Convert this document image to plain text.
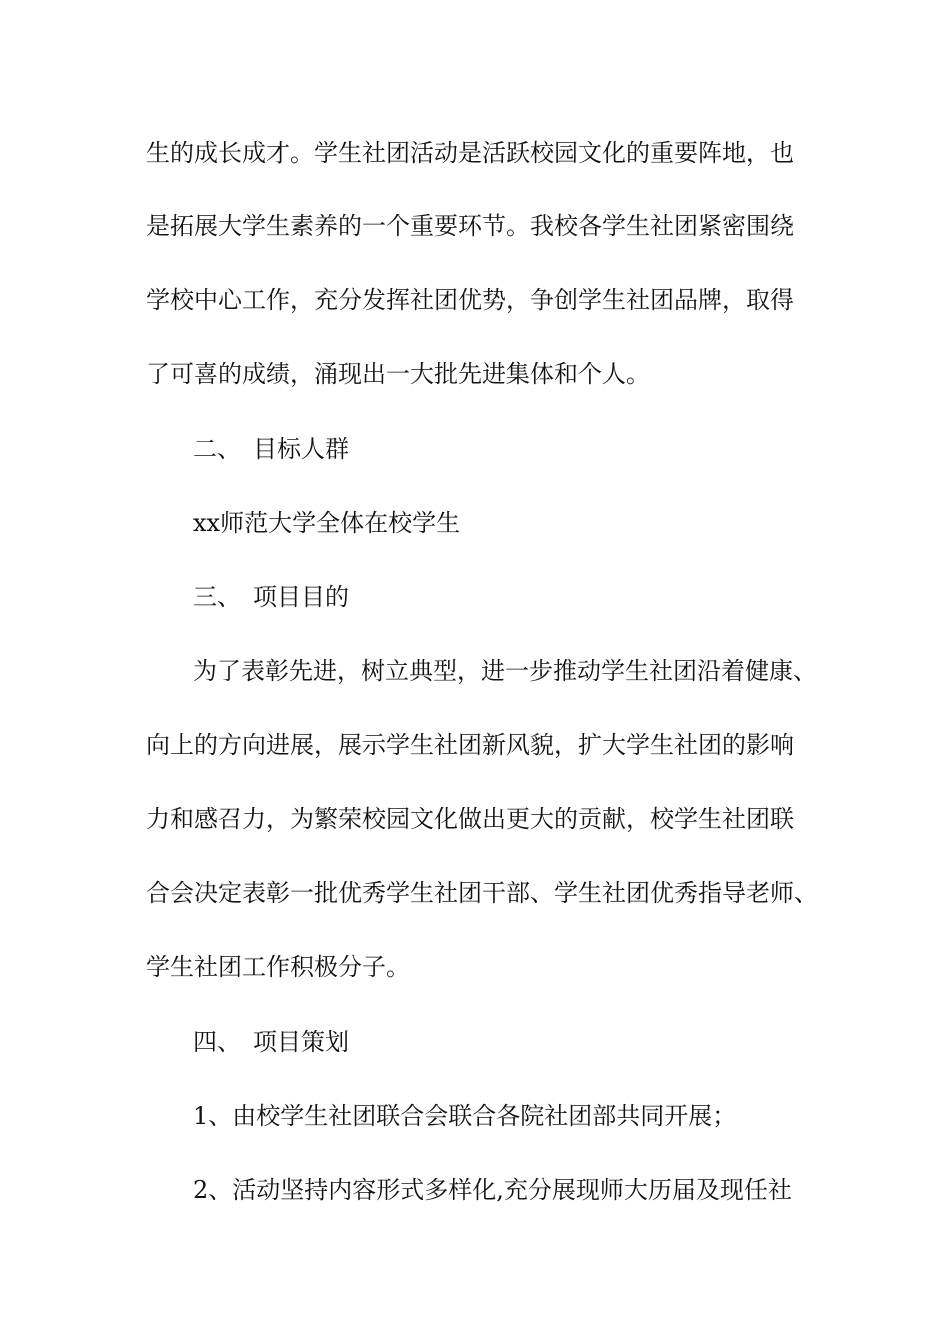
生的成长成才。学生社团活动是活跃校园文化的重要阵地，也
是拓展大学生素养的一个重要环节。我校各学生社团紧密围绕
学校中心工作，充分发挥社团优势，争创学生社团品牌，取得
了可喜的成绩，涌现出一大批先进集体和个人。
二、 目标人群
xx师范大学全体在校学生
三、 项目目的
为了表彰先进，树立典型，进一步推动学生社团沿着健康、
向上的方向进展，展示学生社团新风貌，扩大学生社团的影响
力和感召力，为繁荣校园文化做出更大的贡献，校学生社团联
合会决定表彰一批优秀学生社团干部、学生社团优秀指导老师、
学生社团工作积极分子。
四、 项目策划
1、由校学生社团联合会联合各院社团部共同开展；
2、活动坚持内容形式多样化,充分展现师大历届及现任社
